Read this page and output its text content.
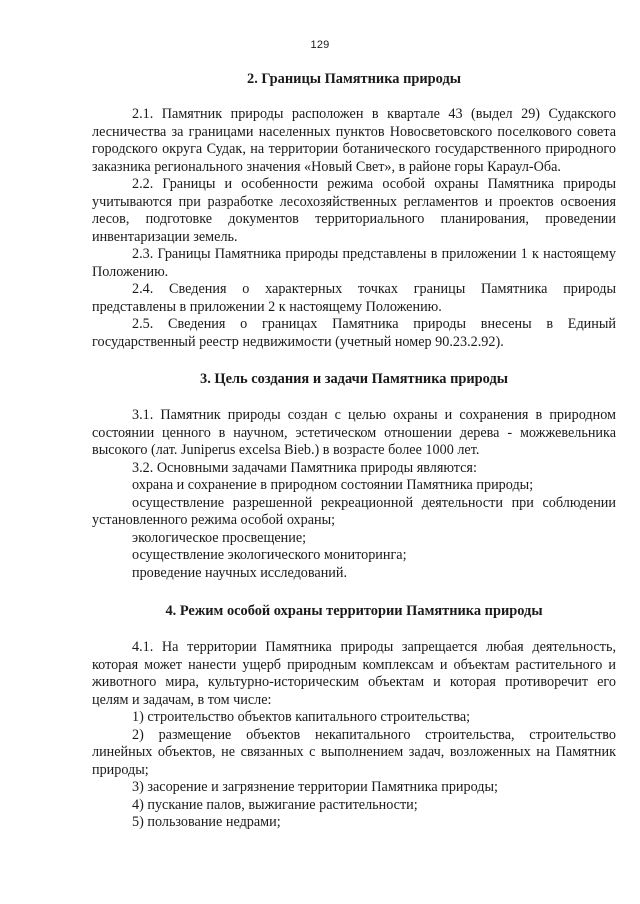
129
2. Границы Памятника природы

2.1. Памятник природы расположен в квартале 43 (выдел 29) Судакского лесничества за границами населенных пунктов Новосветовского поселкового совета городского округа Судак, на территории ботанического государственного природного заказника регионального значения «Новый Свет», в районе горы Караул-Оба.

2.2. Границы и особенности режима особой охраны Памятника природы учитываются при разработке лесохозяйственных регламентов и проектов освоения лесов, подготовке документов территориального планирования, проведении инвентаризации земель.

2.3. Границы Памятника природы представлены в приложении 1 к настоящему Положению.

2.4. Сведения о характерных точках границы Памятника природы представлены в приложении 2 к настоящему Положению.

2.5. Сведения о границах Памятника природы внесены в Единый государственный реестр недвижимости (учетный номер 90.23.2.92).

3. Цель создания и задачи Памятника природы

3.1. Памятник природы создан с целью охраны и сохранения в природном состоянии ценного в научном, эстетическом отношении дерева - можжевельника высокого (лат. Juniperus excelsa Bieb.) в возрасте более 1000 лет.

3.2. Основными задачами Памятника природы являются:

охрана и сохранение в природном состоянии Памятника природы;

осуществление разрешенной рекреационной деятельности при соблюдении установленного режима особой охраны;

экологическое просвещение;
осуществление экологического мониторинга;
проведение научных исследований.
4. Режим особой охраны территории Памятника природы

4.1. На территории Памятника природы запрещается любая деятельность, которая может нанести ущерб природным комплексам и объектам растительного и животного мира, культурно-историческим объектам и которая противоречит его целям и задачам, в том числе:

1) строительство объектов капитального строительства;

2) размещение объектов некапитального строительства, строительство линейных объектов, не связанных с выполнением задач, возложенных на Памятник природы;

3) засорение и загрязнение территории Памятника природы;
4) пускание палов, выжигание растительности;
5) пользование недрами;
